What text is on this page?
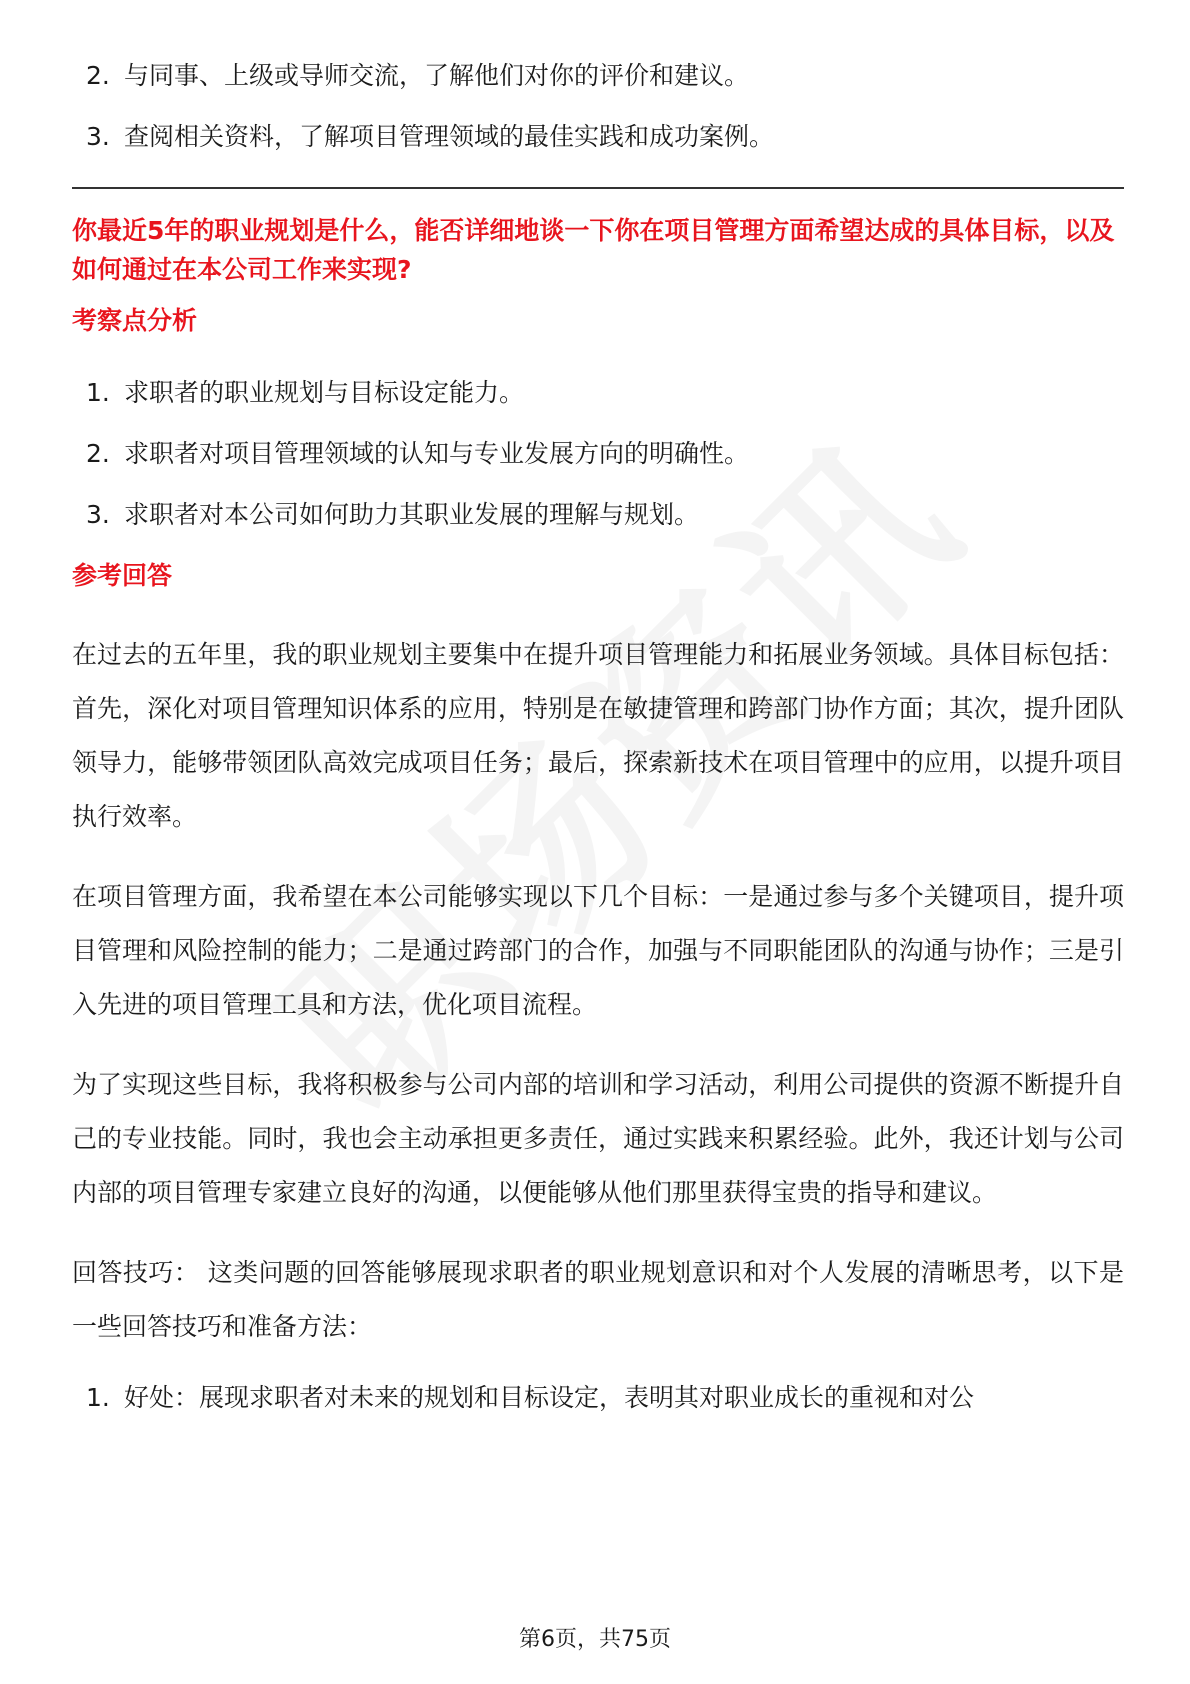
2. 与同事、上级或导师交流，了解他们对你的评价和建议。
3. 查阅相关资料，了解项目管理领域的最佳实践和成功案例。
你最近5年的职业规划是什么，能否详细地谈一下你在项目管理方面希望达成的具体目标，以及如何通过在本公司工作来实现?
考察点分析
1. 求职者的职业规划与目标设定能力。
2. 求职者对项目管理领域的认知与专业发展方向的明确性。
3. 求职者对本公司如何助力其职业发展的理解与规划。
参考回答

在过去的五年里，我的职业规划主要集中在提升项目管理能力和拓展业务领域。具体目标包括：首先，深化对项目管理知识体系的应用，特别是在敏捷管理和跨部门协作方面；其次，提升团队领导力，能够带领团队高效完成项目任务；最后，探索新技术在项目管理中的应用，以提升项目执行效率。

在项目管理方面，我希望在本公司能够实现以下几个目标：一是通过参与多个关键项目，提升项目管理和风险控制的能力；二是通过跨部门的合作，加强与不同职能团队的沟通与协作；三是引入先进的项目管理工具和方法，优化项目流程。

为了实现这些目标，我将积极参与公司内部的培训和学习活动，利用公司提供的资源不断提升自己的专业技能。同时，我也会主动承担更多责任，通过实践来积累经验。此外，我还计划与公司内部的项目管理专家建立良好的沟通，以便能够从他们那里获得宝贵的指导和建议。

回答技巧： 这类问题的回答能够展现求职者的职业规划意识和对个人发展的清晰思考，以下是一些回答技巧和准备方法：

1. 好处：展现求职者对未来的规划和目标设定，表明其对职业成长的重视和对公
第6页，共75页
